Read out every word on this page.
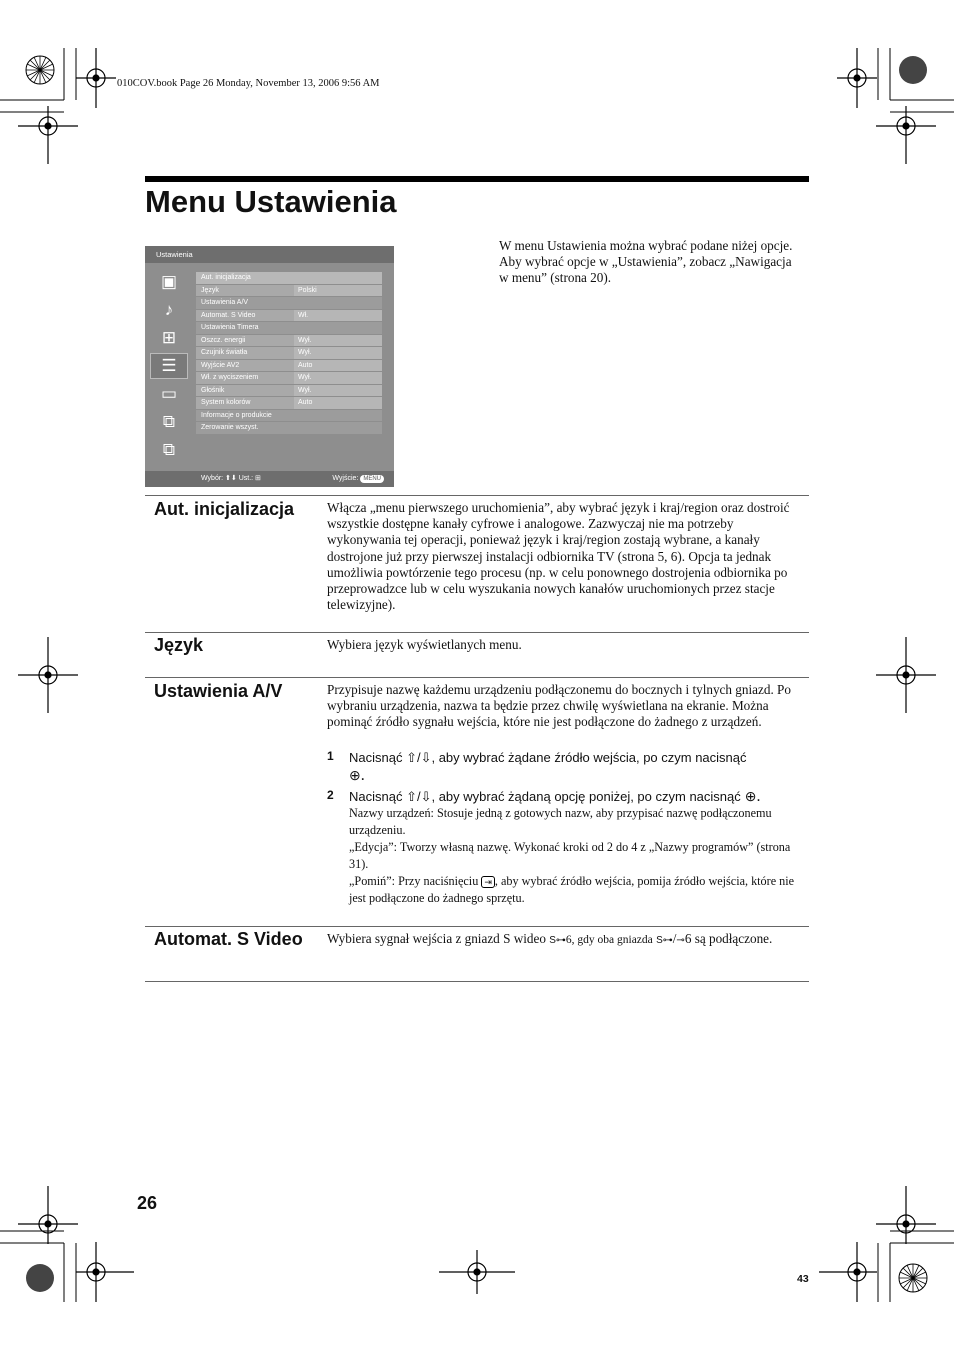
010COV.book Page 26 Monday, November 13, 2006 9:56 AM
Menu Ustawienia
W menu Ustawienia można wybrać podane niżej opcje. Aby wybrać opcje w „Ustawienia”, zobacz „Nawigacja w menu” (strona 20).
Ustawienia
▣
♪
⊞
☰
▭
⧉
⧉
Aut. inicjalizacja
Język	Polski
Ustawienia A/V
Automat. S Video	Wł.
Ustawienia Timera
Oszcz. energii	Wył.
Czujnik światła	Wył.
Wyjście AV2	Auto
Wł. z wyciszeniem	Wył.
Głośnik	Wył.
System kolorów	Auto
Informacje o produkcie
Zerowanie wszyst.
Wybór: ⬆⬇ Ust.: ⊞	Wyjście: MENU
Aut. inicjalizacja Włącza „menu pierwszego uruchomienia”, aby wybrać język i kraj/region oraz dostroić wszystkie dostępne kanały cyfrowe i analogowe. Zazwyczaj nie ma potrzeby wykonywania tej operacji, ponieważ język i kraj/region zostają wybrane, a kanały dostrojone już przy pierwszej instalacji odbiornika TV (strona 5, 6). Opcja ta jednak umożliwia powtórzenie tego procesu (np. w celu ponownego dostrojenia odbiornika po przeprowadzce lub w celu wyszukania nowych kanałów uruchomionych przez stacje telewizyjne).
Język	Wybiera język wyświetlanych menu.
Ustawienia A/V	Przypisuje nazwę każdemu urządzeniu podłączonemu do bocznych i tylnych gniazd. Po wybraniu urządzenia, nazwa ta będzie przez chwilę wyświetlana na ekranie. Można pominąć źródło sygnału wejścia, które nie jest podłączone do żadnego z urządzeń.
1 Nacisnąć ⇧/⇩, aby wybrać żądane źródło wejścia, po czym nacisnąć
⊕.
2 Nacisnąć ⇧/⇩, aby wybrać żądaną opcję poniżej, po czym nacisnąć ⊕.
Nazwy urządzeń: Stosuje jedną z gotowych nazw, aby przypisać nazwę podłączonemu urządzeniu.
„Edycja”: Tworzy własną nazwę. Wykonać kroki od 2 do 4 z „Nazwy programów” (strona 31).
„Pomiń”: Przy naciśnięciu ⇥ , aby wybrać źródło wejścia, pomija źródło wejścia, które nie jest podłączone do żadnego sprzętu.
Automat. S Video Wybiera sygnał wejścia z gniazd S wideo S⊶6, gdy oba gniazda S⊶/⊸6 są podłączone.
26
43
